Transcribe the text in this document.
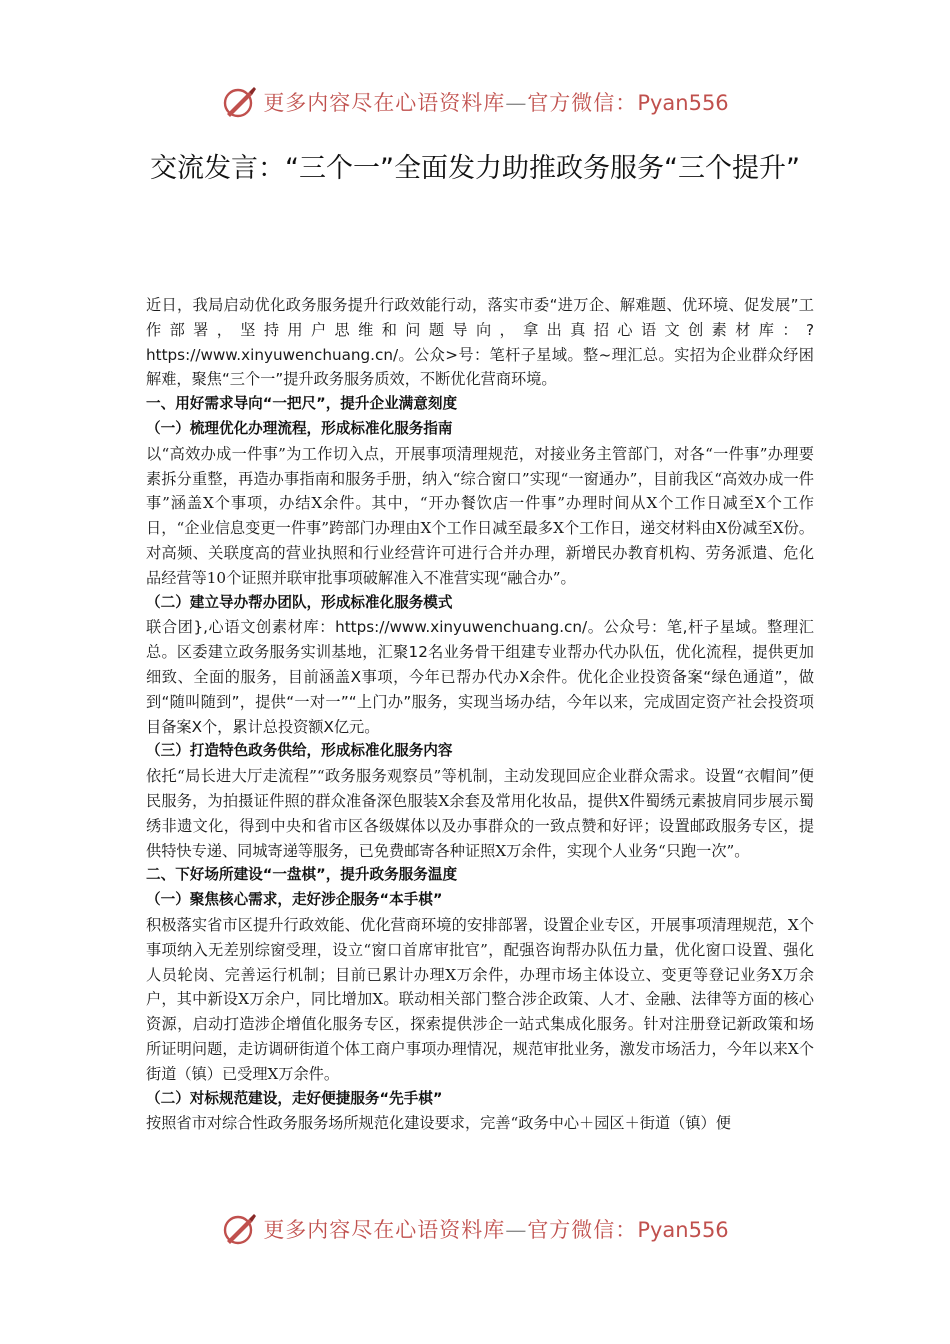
更多内容尽在心语资料库—官方微信：Pyan556
交流发言：“三个一”全面发力助推政务服务“三个提升”

近日，我局启动优化政务服务提升行政效能行动，落实市委“进万企、解难题、优环境、促发展”工作部署，坚持用户思维和问题导向，拿出真招心语文创素材库：?https://www.xinyuwenchuang.cn/。公众>号：笔杆子星域。整~理汇总。实招为企业群众纾困解难，聚焦“三个一”提升政务服务质效，不断优化营商环境。

一、用好需求导向“一把尺”，提升企业满意刻度
（一）梳理优化办理流程，形成标准化服务指南

以“高效办成一件事”为工作切入点，开展事项清理规范，对接业务主管部门，对各“一件事”办理要素拆分重整，再造办事指南和服务手册，纳入“综合窗口”实现“一窗通办”，目前我区“高效办成一件事”涵盖X个事项，办结X余件。其中，“开办餐饮店一件事”办理时间从X个工作日减至X个工作日，“企业信息变更一件事”跨部门办理由X个工作日减至最多X个工作日，递交材料由X份减至X份。对高频、关联度高的营业执照和行业经营许可进行合并办理，新增民办教育机构、劳务派遣、危化品经营等10个证照并联审批事项破解准入不准营实现“融合办”。

（二）建立导办帮办团队，形成标准化服务模式

联合团},心语文创素材库：https://www.xinyuwenchuang.cn/。公众号：笔,杆子星域。整理汇总。区委建立政务服务实训基地，汇聚12名业务骨干组建专业帮办代办队伍，优化流程，提供更加细致、全面的服务，目前涵盖X事项，今年已帮办代办X余件。优化企业投资备案“绿色通道”，做到“随叫随到”，提供“一对一”“上门办”服务，实现当场办结，今年以来，完成固定资产社会投资项目备案X个，累计总投资额X亿元。

（三）打造特色政务供给，形成标准化服务内容

依托“局长进大厅走流程”“政务服务观察员”等机制，主动发现回应企业群众需求。设置“衣帽间”便民服务，为拍摄证件照的群众准备深色服装X余套及常用化妆品，提供X件蜀绣元素披肩同步展示蜀绣非遗文化，得到中央和省市区各级媒体以及办事群众的一致点赞和好评；设置邮政服务专区，提供特快专递、同城寄递等服务，已免费邮寄各种证照X万余件，实现个人业务“只跑一次”。

二、下好场所建设“一盘棋”，提升政务服务温度
（一）聚焦核心需求，走好涉企服务“本手棋”

积极落实省市区提升行政效能、优化营商环境的安排部署，设置企业专区，开展事项清理规范，X个事项纳入无差别综窗受理，设立“窗口首席审批官”，配强咨询帮办队伍力量，优化窗口设置、强化人员轮岗、完善运行机制；目前已累计办理X万余件，办理市场主体设立、变更等登记业务X万余户，其中新设X万余户，同比增加X。联动相关部门整合涉企政策、人才、金融、法律等方面的核心资源，启动打造涉企增值化服务专区，探索提供涉企一站式集成化服务。针对注册登记新政策和场所证明问题，走访调研街道个体工商户事项办理情况，规范审批业务，激发市场活力，今年以来X个街道（镇）已受理X万余件。

（二）对标规范建设，走好便捷服务“先手棋”

按照省市对综合性政务服务场所规范化建设要求，完善“政务中心＋园区＋街道（镇）便

更多内容尽在心语资料库—官方微信：Pyan556
